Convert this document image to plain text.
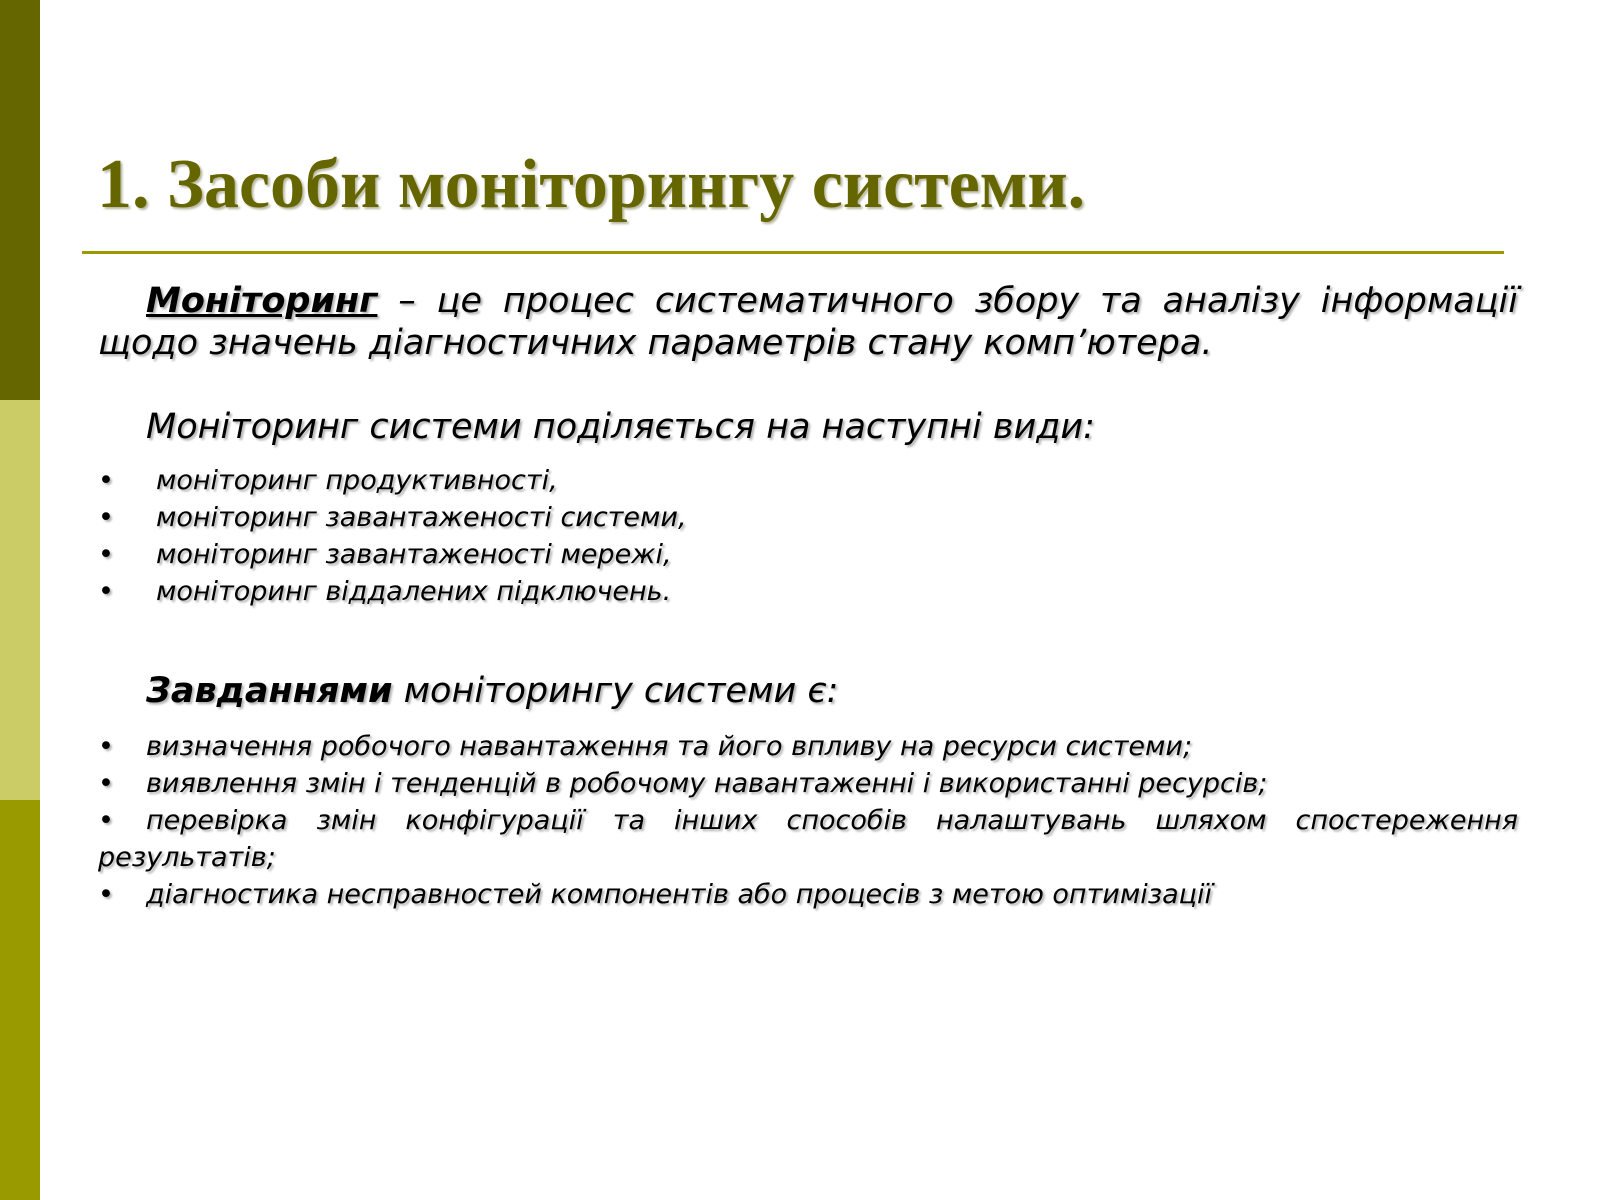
1. Засоби моніторингу системи.

Моніторинг – це процес систематичного збору та аналізу інформації щодо значень діагностичних параметрів стану комп’ютера.

Моніторинг системи поділяється на наступні види:

• моніторинг продуктивності,
• моніторинг завантаженості системи,
• моніторинг завантаженості мережі,
• моніторинг віддалених підключень.

Завданнями моніторингу системи є:

• визначення робочого навантаження та його впливу на ресурси системи;
• виявлення змін і тенденцій в робочому навантаженні і використанні ресурсів;
• перевірка змін конфігурації та інших способів налаштувань шляхом спостереження результатів;
• діагностика несправностей компонентів або процесів з метою оптимізації
